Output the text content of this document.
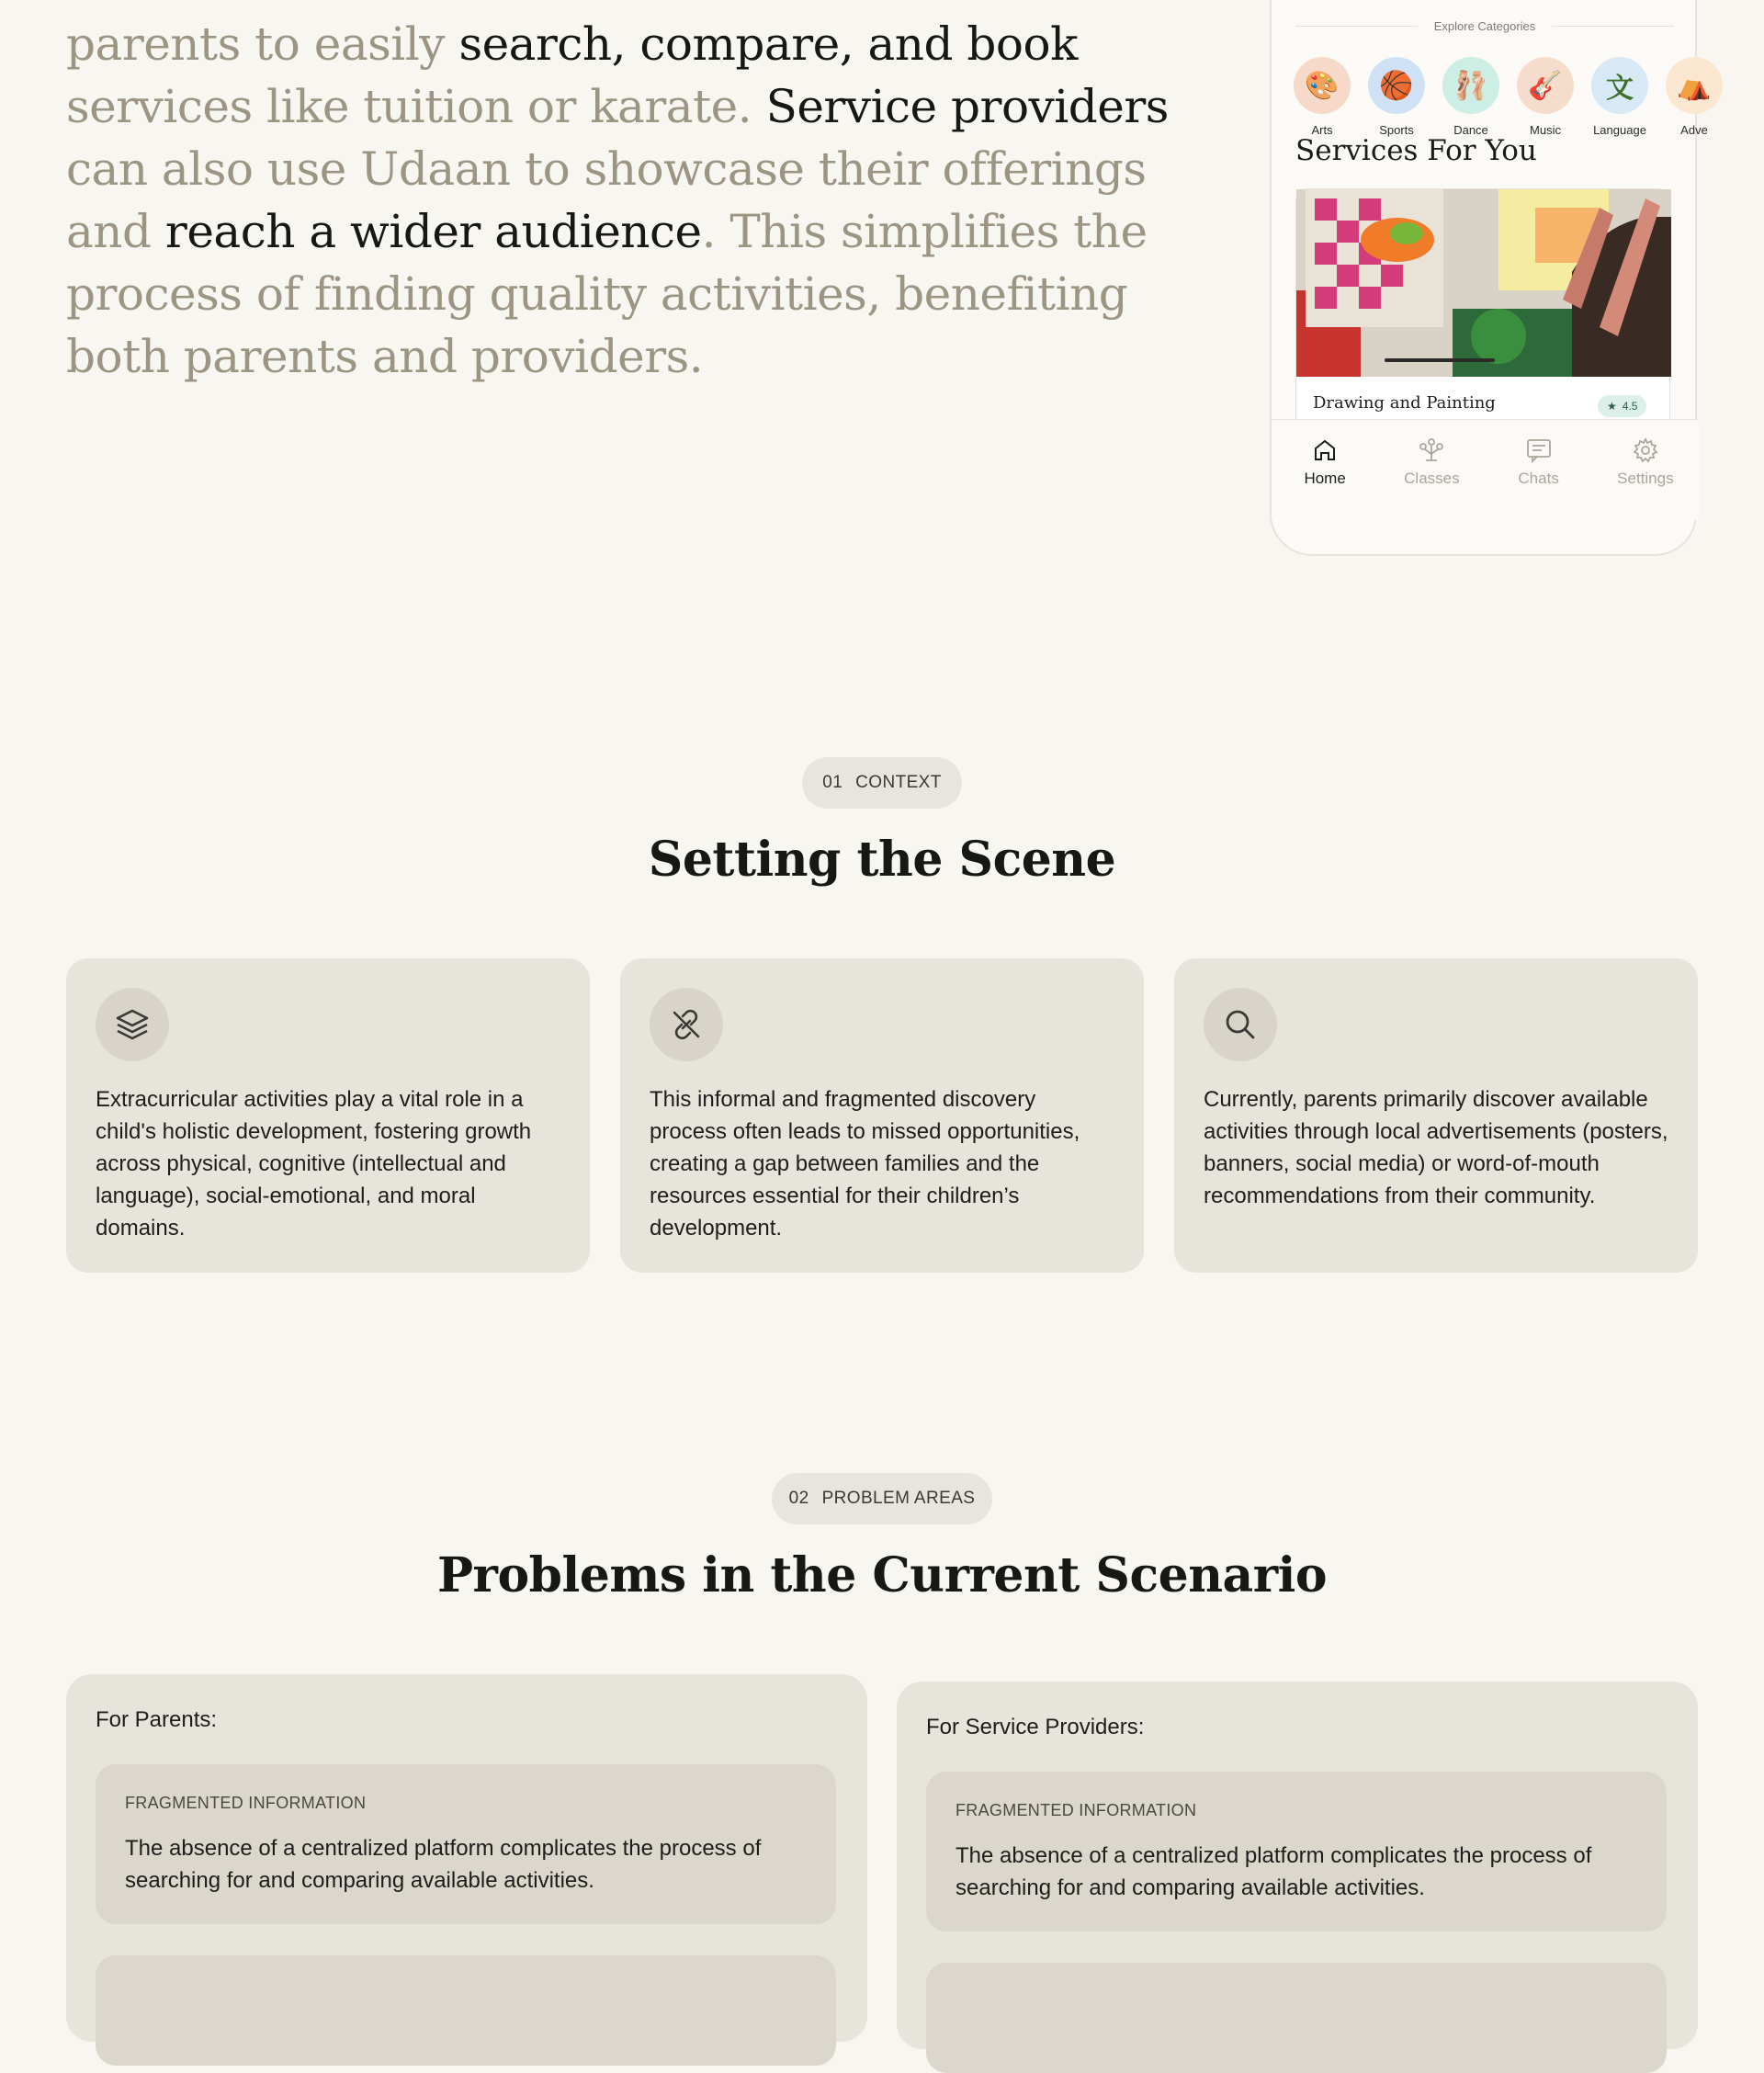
parents to easily search, compare, and book services like tuition or karate. Service providers can also use Udaan to showcase their offerings and reach a wider audience. This simplifies the process of finding quality activities, benefiting both parents and providers.

Explore Categories
🎨
Arts
🏀
Sports
🩰
Dance
🎸
Music
文
Language
⛺
Adve
Services For You
Drawing and Painting	★ 4.5
Home	Classes	Chats	Settings
01 CONTEXT
Setting the Scene

Extracurricular activities play a vital role in a child's holistic development, fostering growth across physical, cognitive (intellectual and language), social-emotional, and moral domains.

This informal and fragmented discovery process often leads to missed opportunities, creating a gap between families and the resources essential for their children’s development.

Currently, parents primarily discover available activities through local advertisements (posters, banners, social media) or word-of-mouth recommendations from their community.

02 PROBLEM AREAS
Problems in the Current Scenario
For Parents:
FRAGMENTED INFORMATION

The absence of a centralized platform complicates the process of searching for and comparing available activities.

For Service Providers:
FRAGMENTED INFORMATION

The absence of a centralized platform complicates the process of searching for and comparing available activities.
